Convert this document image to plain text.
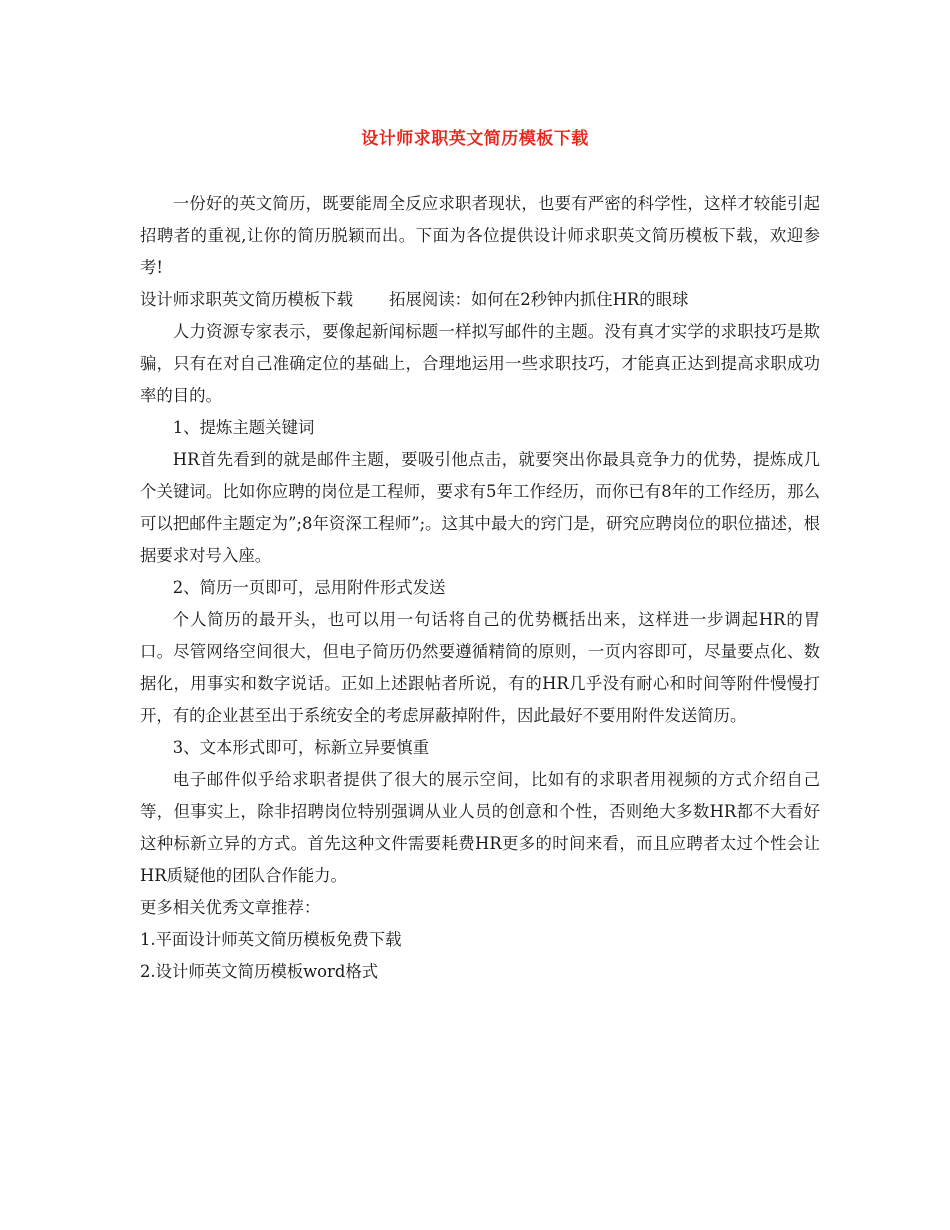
设计师求职英文简历模板下载

一份好的英文简历，既要能周全反应求职者现状，也要有严密的科学性，这样才较能引起招聘者的重视,让你的简历脱颖而出。下面为各位提供设计师求职英文简历模板下载，欢迎参考!

设计师求职英文简历模板下载 拓展阅读：如何在2秒钟内抓住HR的眼球

人力资源专家表示，要像起新闻标题一样拟写邮件的主题。没有真才实学的求职技巧是欺骗，只有在对自己准确定位的基础上，合理地运用一些求职技巧，才能真正达到提高求职成功率的目的。

1、提炼主题关键词

HR首先看到的就是邮件主题，要吸引他点击，就要突出你最具竞争力的优势，提炼成几个关键词。比如你应聘的岗位是工程师，要求有5年工作经历，而你已有8年的工作经历，那么可以把邮件主题定为”;8年资深工程师”;。这其中最大的窍门是，研究应聘岗位的职位描述，根据要求对号入座。

2、简历一页即可，忌用附件形式发送

个人简历的最开头，也可以用一句话将自己的优势概括出来，这样进一步调起HR的胃口。尽管网络空间很大，但电子简历仍然要遵循精简的原则，一页内容即可，尽量要点化、数据化，用事实和数字说话。正如上述跟帖者所说，有的HR几乎没有耐心和时间等附件慢慢打开，有的企业甚至出于系统安全的考虑屏蔽掉附件，因此最好不要用附件发送简历。

3、文本形式即可，标新立异要慎重

电子邮件似乎给求职者提供了很大的展示空间，比如有的求职者用视频的方式介绍自己等，但事实上，除非招聘岗位特别强调从业人员的创意和个性，否则绝大多数HR都不大看好这种标新立异的方式。首先这种文件需要耗费HR更多的时间来看，而且应聘者太过个性会让HR质疑他的团队合作能力。

更多相关优秀文章推荐：

1.平面设计师英文简历模板免费下载

2.设计师英文简历模板word格式
